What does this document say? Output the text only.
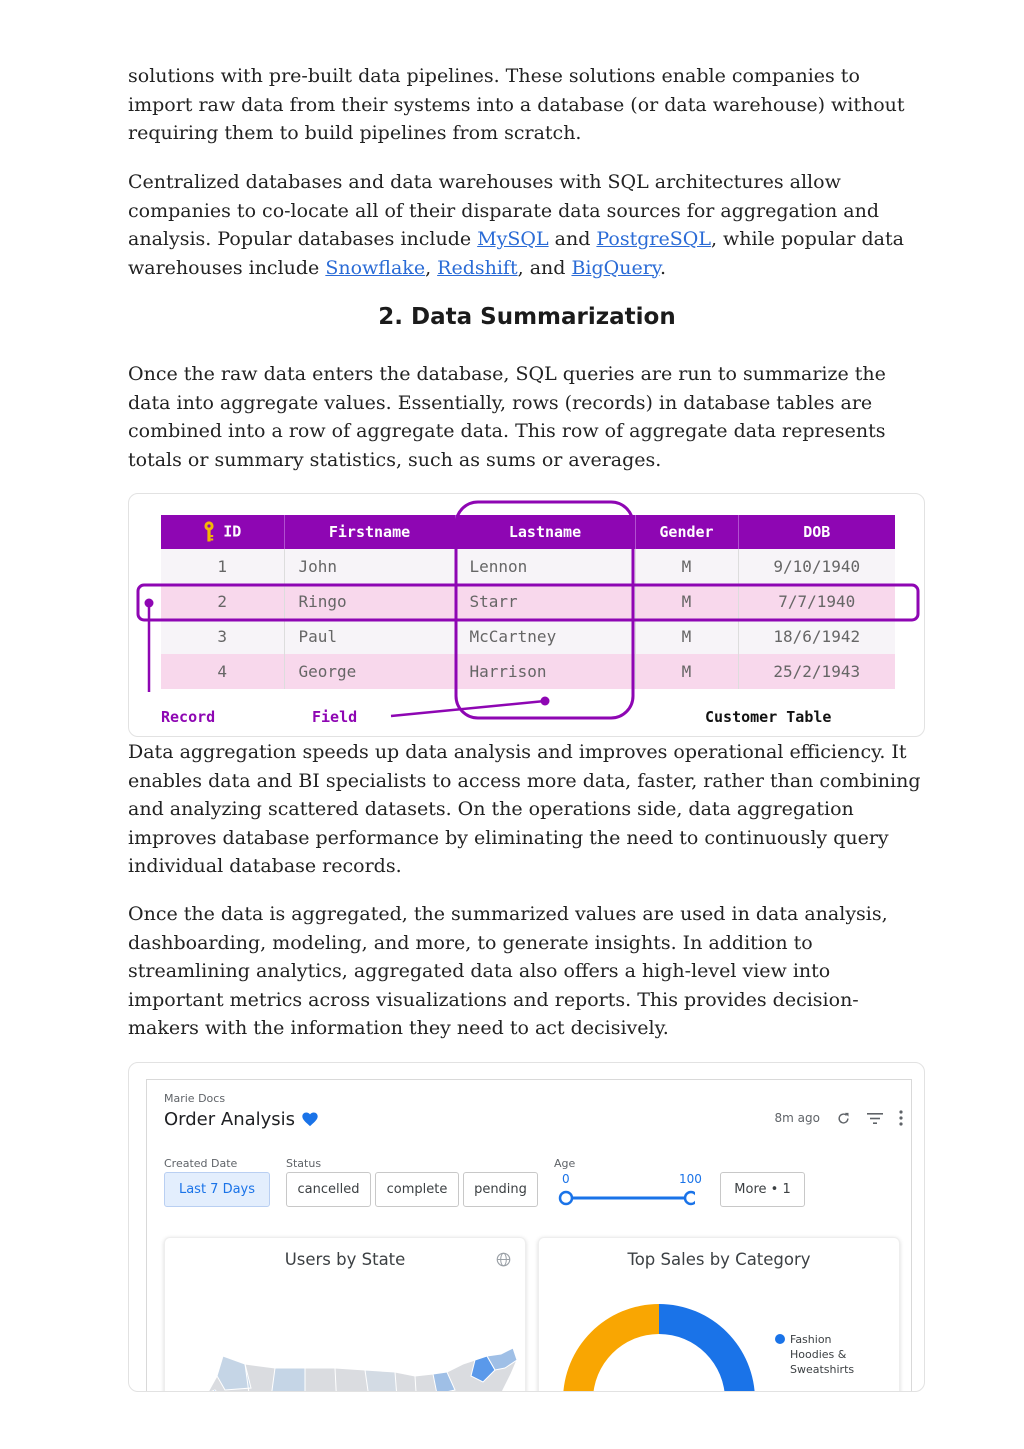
solutions with pre-built data pipelines. These solutions enable companies to import raw data from their systems into a database (or data warehouse) without requiring them to build pipelines from scratch.

Centralized databases and data warehouses with SQL architectures allow companies to co-locate all of their disparate data sources for aggregation and analysis. Popular databases include MySQL and PostgreSQL, while popular data warehouses include Snowflake, Redshift, and BigQuery.

2. Data Summarization

Once the raw data enters the database, SQL queries are run to summarize the data into aggregate values. Essentially, rows (records) in database tables are combined into a row of aggregate data. This row of aggregate data represents totals or summary statistics, such as sums or averages.

ID	Firstname	Lastname	Gender	DOB
1	John	Lennon	M	9/10/1940
2	Ringo	Starr	M	7/7/1940
3	Paul	McCartney	M	18/6/1942
4	George	Harrison	M	25/2/1943
Record	Field	Customer Table

Data aggregation speeds up data analysis and improves operational efficiency. It enables data and BI specialists to access more data, faster, rather than combining and analyzing scattered datasets. On the operations side, data aggregation improves database performance by eliminating the need to continuously query individual database records.

Once the data is aggregated, the summarized values are used in data analysis, dashboarding, modeling, and more, to generate insights. In addition to streamlining analytics, aggregated data also offers a high-level view into important metrics across visualizations and reports. This provides decision-makers with the information they need to act decisively.

Marie Docs
Order Analysis	8m ago
Created Date	Status	Age
Last 7 Days	cancelled	complete	pending
0	100
More • 1
Users by State	Top Sales by Category
Fashion Hoodies & Sweatshirts
